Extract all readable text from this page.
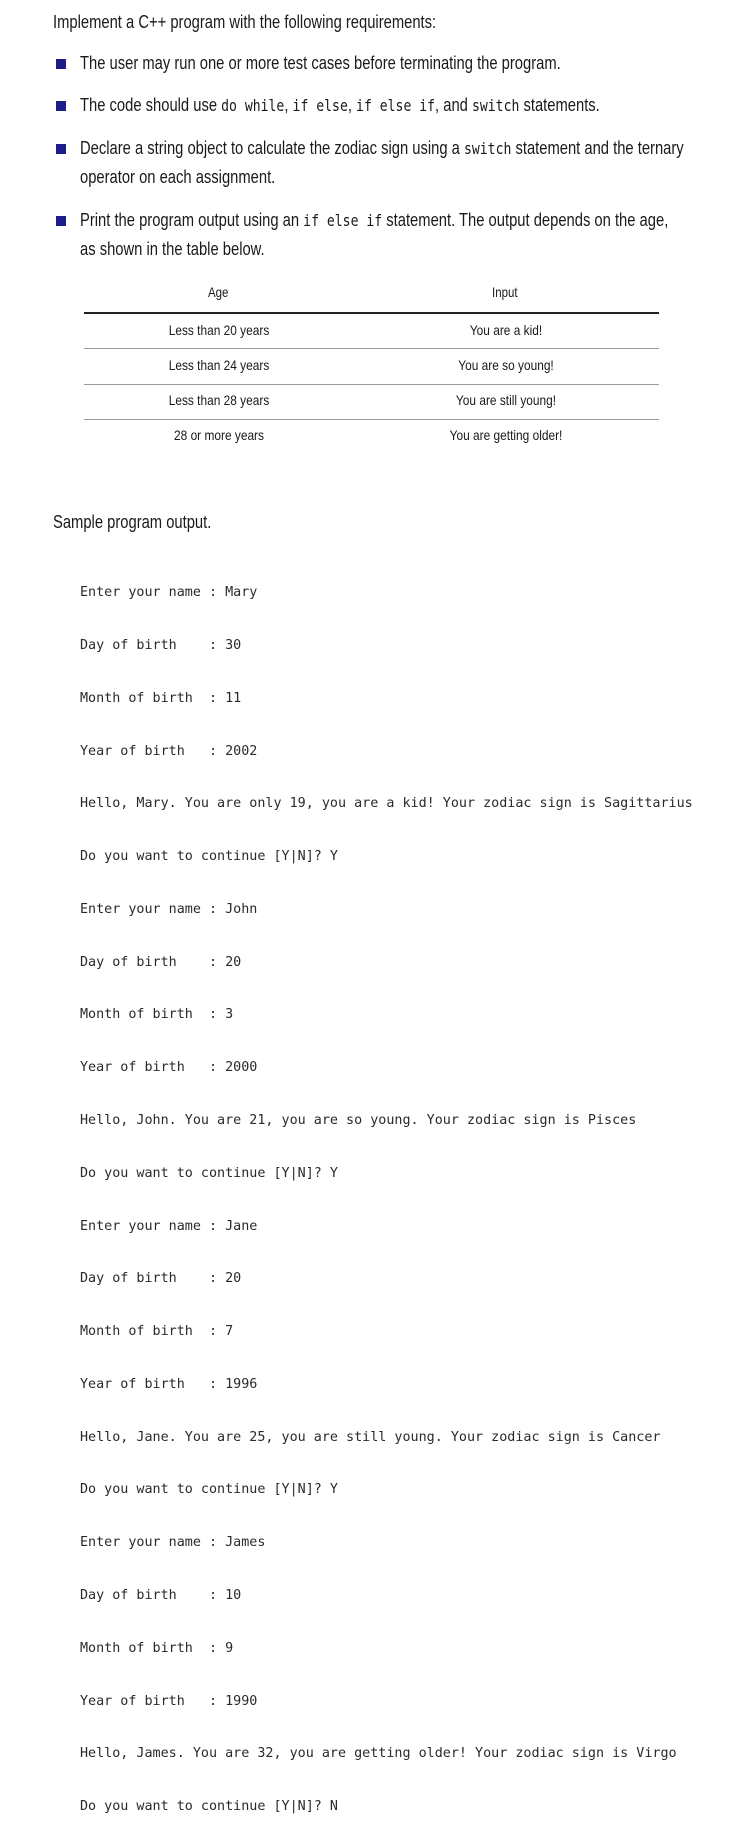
Implement a C++ program with the following requirements:
The user may run one or more test cases before terminating the program.
The code should use do while, if else, if else if, and switch statements.
Declare a string object to calculate the zodiac sign using a switch statement and the ternary
operator on each assignment.
Print the program output using an if else if statement. The output depends on the age,
as shown in the table below.
Age	Input
Less than 20 years	You are a kid!
Less than 24 years	You are so young!
Less than 28 years	You are still young!
28 or more years	You are getting older!
Sample program output.

Enter your name : Mary

Day of birth    : 30

Month of birth  : 11

Year of birth   : 2002

Hello, Mary. You are only 19, you are a kid! Your zodiac sign is Sagittarius

Do you want to continue [Y|N]? Y

Enter your name : John

Day of birth    : 20

Month of birth  : 3

Year of birth   : 2000

Hello, John. You are 21, you are so young. Your zodiac sign is Pisces

Do you want to continue [Y|N]? Y

Enter your name : Jane

Day of birth    : 20

Month of birth  : 7

Year of birth   : 1996

Hello, Jane. You are 25, you are still young. Your zodiac sign is Cancer

Do you want to continue [Y|N]? Y

Enter your name : James

Day of birth    : 10

Month of birth  : 9

Year of birth   : 1990

Hello, James. You are 32, you are getting older! Your zodiac sign is Virgo

Do you want to continue [Y|N]? N
